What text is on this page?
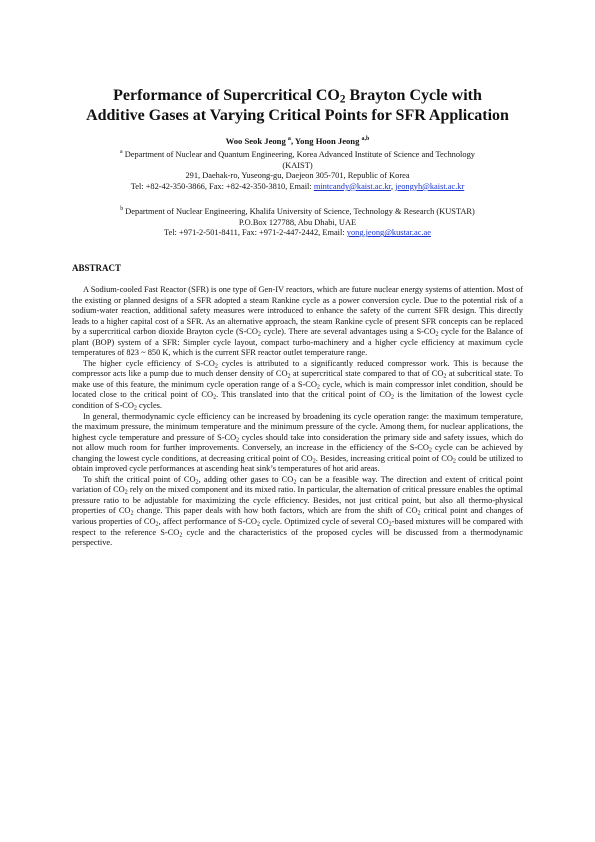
Performance of Supercritical $CO_2$ Brayton Cycle with
Additive Gases at Varying Critical Points for SFR Application
Woo Seok Jeong $^a$, Yong Hoon Jeong $^{a,b}$
$^a$ Department of Nuclear and Quantum Engineering, Korea Advanced Institute of Science and Technology
(KAIST)
291, Daehak-ro, Yuseong-gu, Daejeon 305-701, Republic of Korea
Tel: +82-42-350-3866, Fax: +82-42-350-3810, Email: mintcandy@kaist.ac.kr, jeongyh@kaist.ac.kr
$^b$ Department of Nuclear Engineering, Khalifa University of Science, Technology & Research (KUSTAR)
P.O.Box 127788, Abu Dhabi, UAE
Tel: +971-2-501-8411, Fax: +971-2-447-2442, Email: yong.jeong@kustar.ac.ae
ABSTRACT

A Sodium-cooled Fast Reactor (SFR) is one type of Gen-IV reactors, which are future nuclear energy systems of attention. Most of the existing or planned designs of a SFR adopted a steam Rankine cycle as a power conversion cycle. Due to the potential risk of a sodium-water reaction, additional safety measures were introduced to enhance the safety of the current SFR design. This directly leads to a higher capital cost of a SFR. As an alternative approach, the steam Rankine cycle of present SFR concepts can be replaced by a supercritical carbon dioxide Brayton cycle ($S-CO_2$ cycle). There are several advantages using a $S-CO_2$ cycle for the Balance of plant (BOP) system of a SFR: Simpler cycle layout, compact turbo-machinery and a higher cycle efficiency at maximum cycle temperatures of 823 ~ 850 K, which is the current SFR reactor outlet temperature range.

The higher cycle efficiency of $S-CO_2$ cycles is attributed to a significantly reduced compressor work. This is because the compressor acts like a pump due to much denser density of $CO_2$ at supercritical state compared to that of $CO_2$ at subcritical state. To make use of this feature, the minimum cycle operation range of a $S-CO_2$ cycle, which is main compressor inlet condition, should be located close to the critical point of $CO_2$. This translated into that the critical point of $CO_2$ is the limitation of the lowest cycle condition of $S-CO_2$ cycles.

In general, thermodynamic cycle efficiency can be increased by broadening its cycle operation range: the maximum temperature, the maximum pressure, the minimum temperature and the minimum pressure of the cycle. Among them, for nuclear applications, the highest cycle temperature and pressure of $S-CO_2$ cycles should take into consideration the primary side and safety issues, which do not allow much room for further improvements. Conversely, an increase in the efficiency of the $S-CO_2$ cycle can be achieved by changing the lowest cycle conditions, at decreasing critical point of $CO_2$. Besides, increasing critical point of $CO_2$ could be utilized to obtain improved cycle performances at ascending heat sink’s temperatures of hot arid areas.

To shift the critical point of $CO_2$, adding other gases to $CO_2$ can be a feasible way. The direction and extent of critical point variation of $CO_2$ rely on the mixed component and its mixed ratio. In particular, the alternation of critical pressure enables the optimal pressure ratio to be adjustable for maximizing the cycle efficiency. Besides, not just critical point, but also all thermo-physical properties of $CO_2$ change. This paper deals with how both factors, which are from the shift of $CO_2$ critical point and changes of various properties of $CO_2$, affect performance of $S-CO_2$ cycle. Optimized cycle of several $CO_2$-based mixtures will be compared with respect to the reference $S-CO_2$ cycle and the characteristics of the proposed cycles will be discussed from a thermodynamic perspective.
